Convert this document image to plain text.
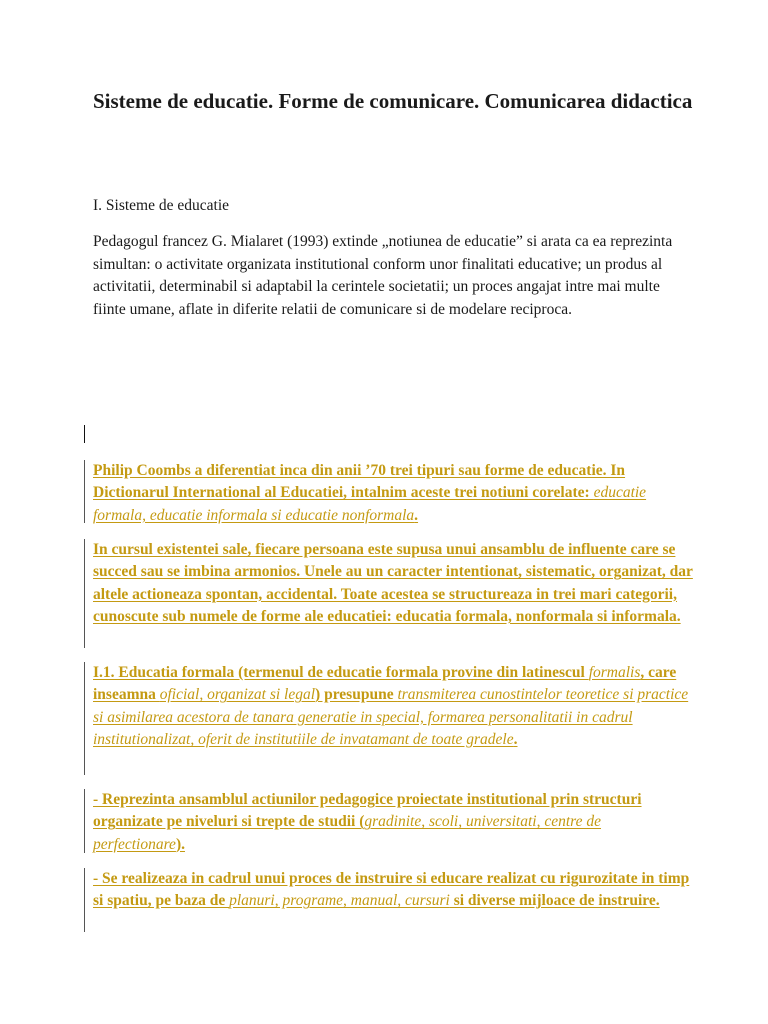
Sisteme de educatie. Forme de comunicare. Comunicarea didactica

I. Sisteme de educatie

Pedagogul francez G. Mialaret (1993) extinde „notiunea de educatie” si arata ca ea reprezinta simultan: o activitate organizata institutional conform unor finalitati educative; un produs al activitatii, determinabil si adaptabil la cerintele societatii; un proces angajat intre mai multe fiinte umane, aflate in diferite relatii de comunicare si de modelare reciproca.

Philip Coombs a diferentiat inca din anii ’70 trei tipuri sau forme de educatie. In Dictionarul International al Educatiei, intalnim aceste trei notiuni corelate: educatie formala, educatie informala si educatie nonformala.

In cursul existentei sale, fiecare persoana este supusa unui ansamblu de influente care se succed sau se imbina armonios. Unele au un caracter intentionat, sistematic, organizat, dar altele actioneaza spontan, accidental. Toate acestea se structureaza in trei mari categorii, cunoscute sub numele de forme ale educatiei: educatia formala, nonformala si informala.

I.1. Educatia formala (termenul de educatie formala provine din latinescul formalis, care inseamna oficial, organizat si legal) presupune transmiterea cunostintelor teoretice si practice si asimilarea acestora de tanara generatie in special, formarea personalitatii in cadrul institutionalizat, oferit de institutiile de invatamant de toate gradele.

- Reprezinta ansamblul actiunilor pedagogice proiectate institutional prin structuri organizate pe niveluri si trepte de studii (gradinite, scoli, universitati, centre de perfectionare).

- Se realizeaza in cadrul unui proces de instruire si educare realizat cu rigurozitate in timp si spatiu, pe baza de planuri, programe, manual, cursuri si diverse mijloace de instruire.
